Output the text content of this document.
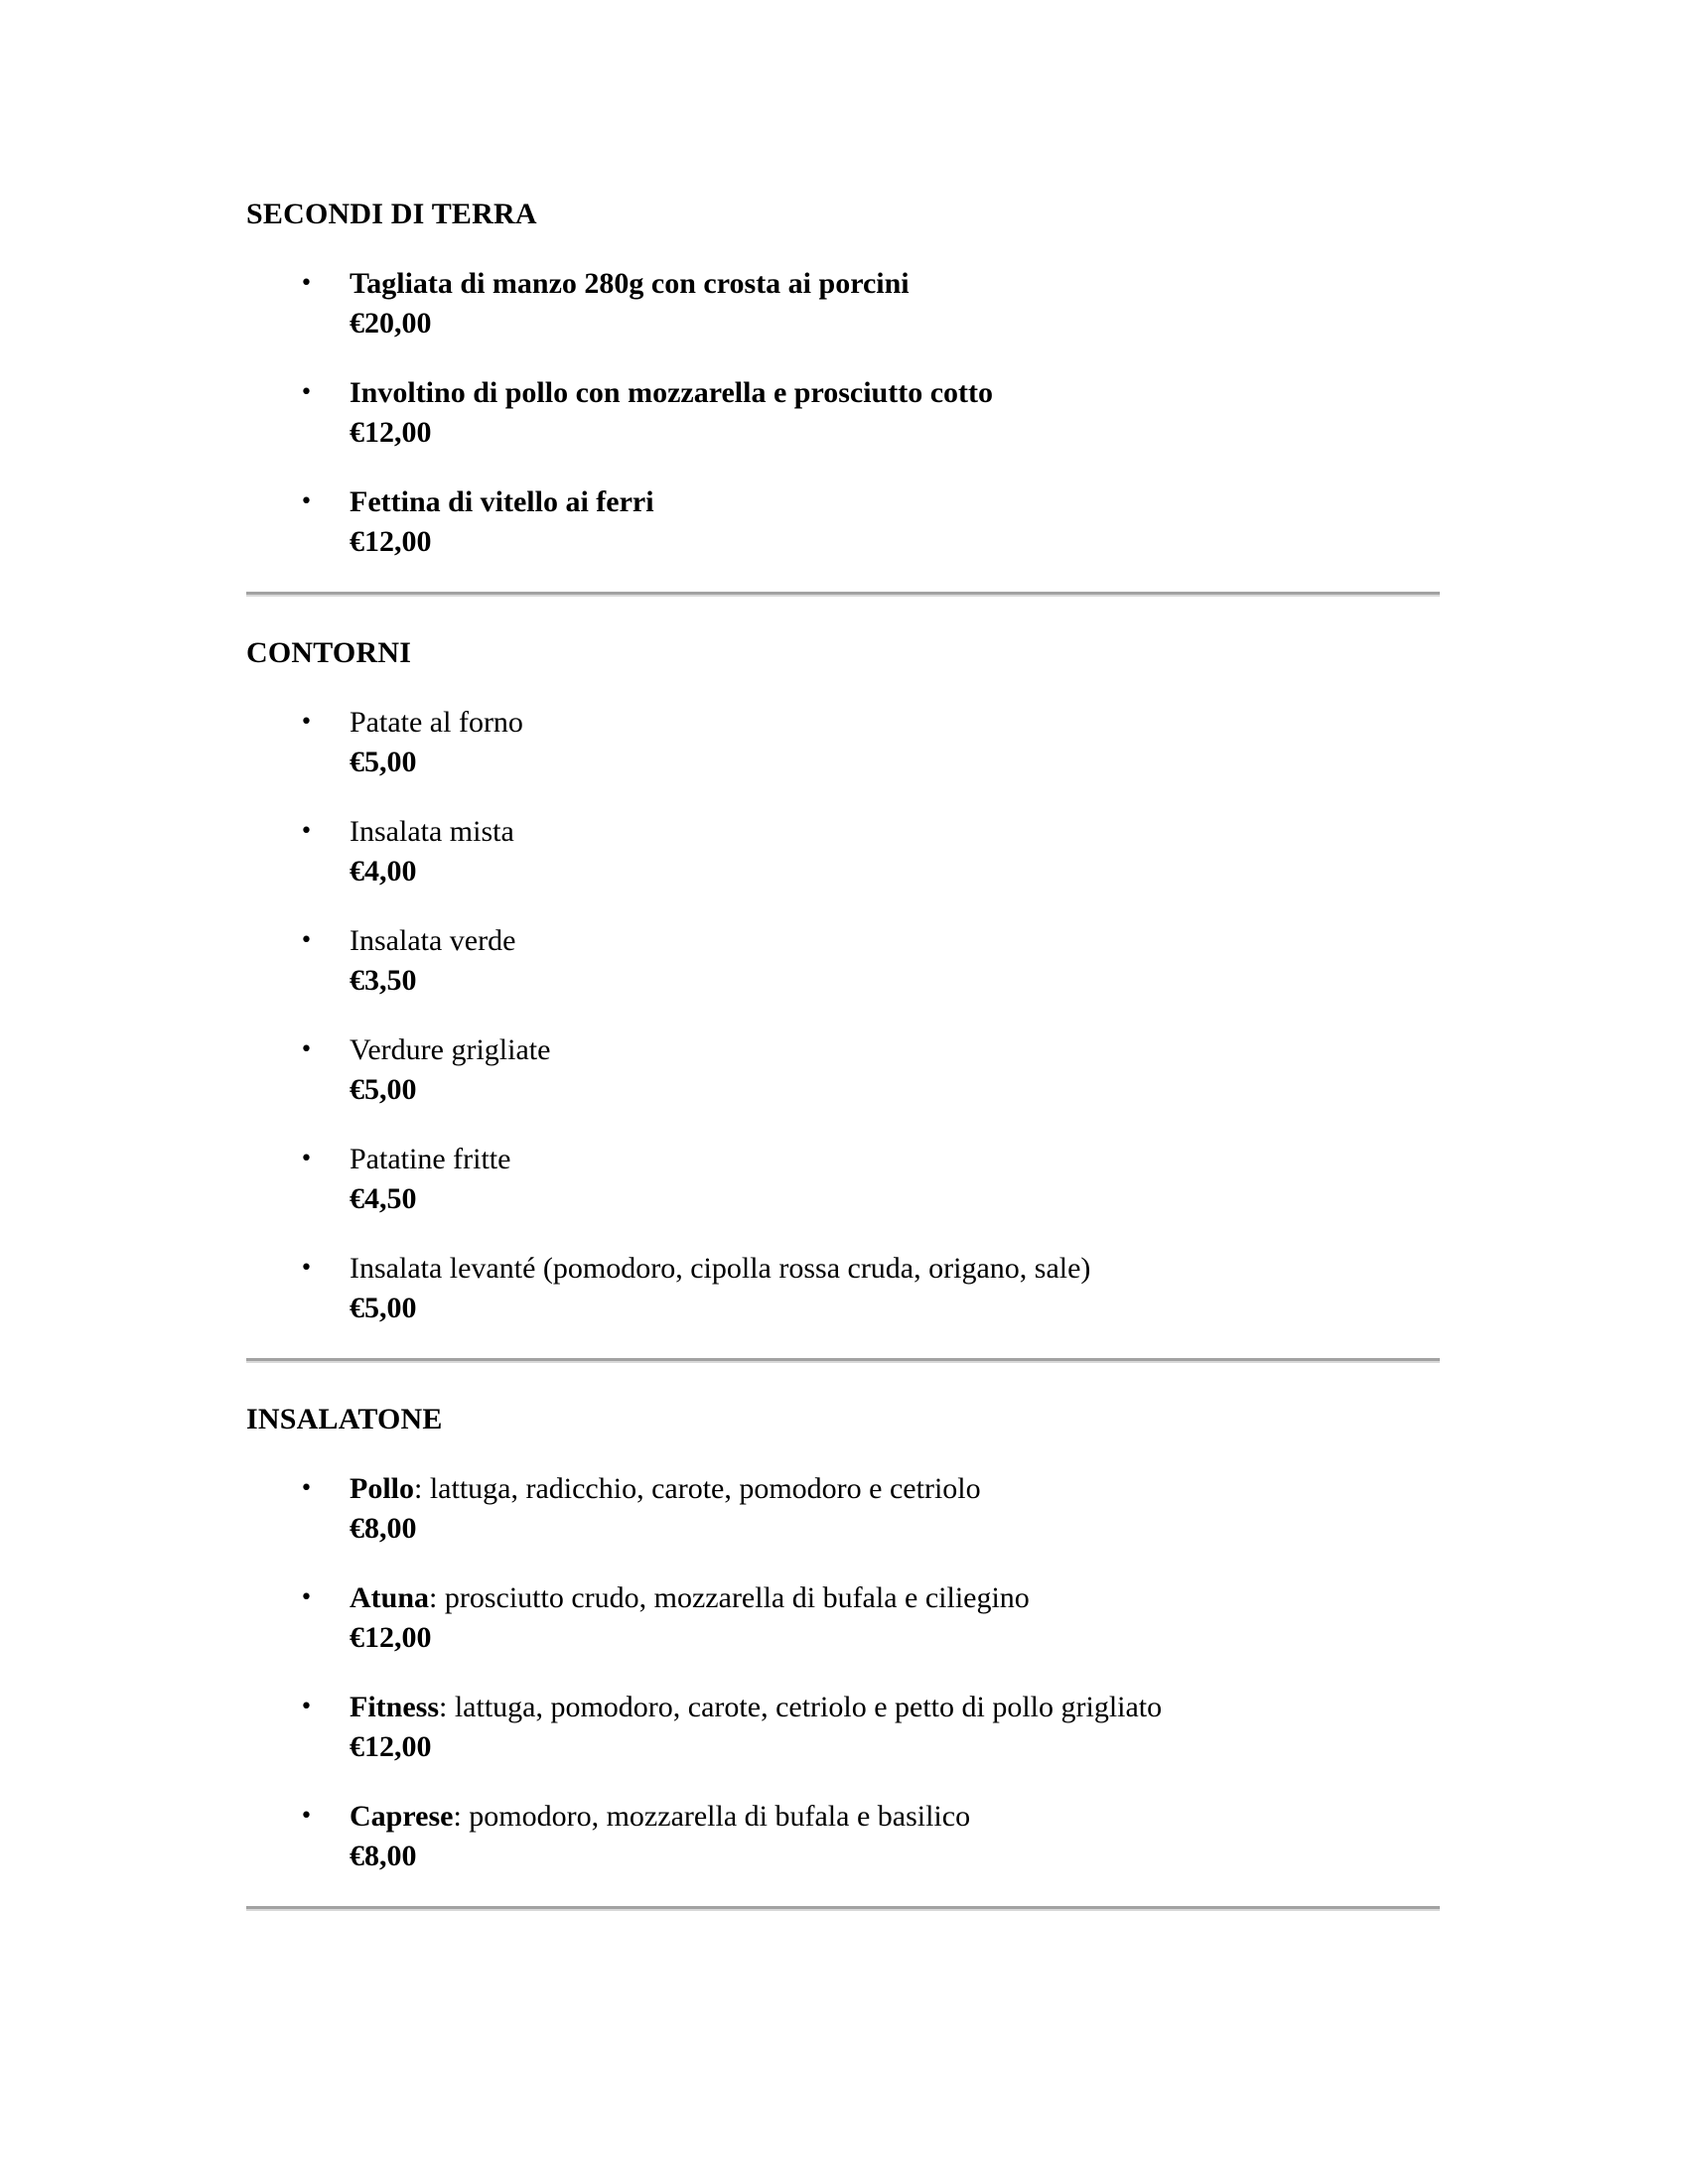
SECONDI DI TERRA
•	Tagliata di manzo 280g con crosta ai porcini
€20,00
•	Involtino di pollo con mozzarella e prosciutto cotto
€12,00
•	Fettina di vitello ai ferri
€12,00
CONTORNI
•	Patate al forno
€5,00
•	Insalata mista
€4,00
•	Insalata verde
€3,50
•	Verdure grigliate
€5,00
•	Patatine fritte
€4,50
•	Insalata levanté (pomodoro, cipolla rossa cruda, origano, sale)
€5,00
INSALATONE
•	Pollo: lattuga, radicchio, carote, pomodoro e cetriolo
€8,00
•	Atuna: prosciutto crudo, mozzarella di bufala e ciliegino
€12,00
•	Fitness: lattuga, pomodoro, carote, cetriolo e petto di pollo grigliato
€12,00
•	Caprese: pomodoro, mozzarella di bufala e basilico
€8,00
